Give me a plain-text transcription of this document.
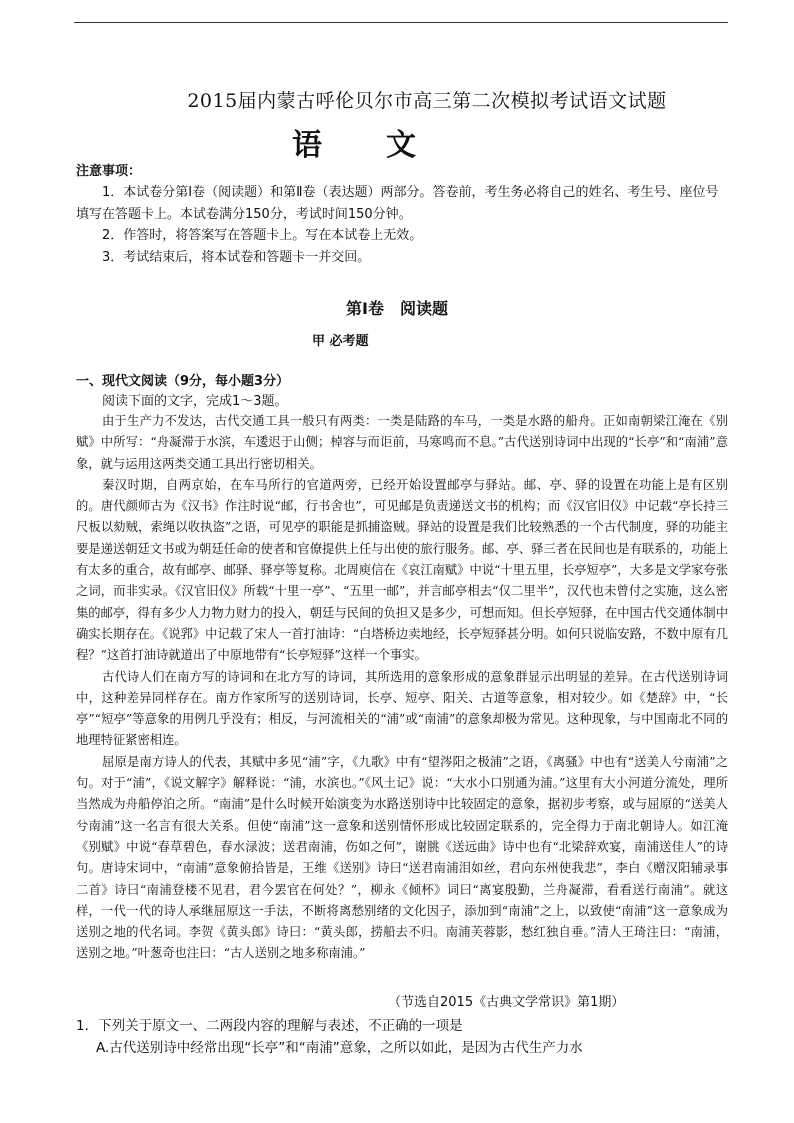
2015届内蒙古呼伦贝尔市高三第二次模拟考试语文试题
语文
注意事项：

1．本试卷分第Ⅰ卷（阅读题）和第Ⅱ卷（表达题）两部分。答卷前，考生务必将自己的姓名、考生号、座位号填写在答题卡上。本试卷满分150分，考试时间150分钟。

2．作答时，将答案写在答题卡上。写在本试卷上无效。

3．考试结束后，将本试卷和答题卡一并交回。

第Ⅰ卷　阅读题
甲 必考题
一、现代文阅读（9分，每小题3分）
阅读下面的文字，完成1～3题。

由于生产力不发达，古代交通工具一般只有两类：一类是陆路的车马，一类是水路的船舟。正如南朝梁江淹在《别赋》中所写：“舟凝滞于水滨，车逶迟于山侧；棹容与而讵前，马寒鸣而不息。”古代送别诗词中出现的“长亭”和“南浦”意象，就与运用这两类交通工具出行密切相关。

秦汉时期，自两京始，在车马所行的官道两旁，已经开始设置邮亭与驿站。邮、亭、驿的设置在功能上是有区别的。唐代颜师古为《汉书》作注时说“邮，行书舍也”，可见邮是负责递送文书的机构；而《汉官旧仪》中记载“亭长持三尺板以劾贼，索绳以收执盗”之语，可见亭的职能是抓捕盗贼。驿站的设置是我们比较熟悉的一个古代制度，驿的功能主要是递送朝廷文书或为朝廷任命的使者和官僚提供上任与出使的旅行服务。邮、亭、驿三者在民间也是有联系的，功能上有太多的重合，故有邮亭、邮驿、驿亭等复称。北周庾信在《哀江南赋》中说“十里五里，长亭短亭”，大多是文学家夸张之词，而非实录。《汉官旧仪》所载“十里一亭”、“五里一邮”，并言邮亭相去“仅二里半”，汉代也未曾付之实施，这么密集的邮亭，得有多少人力物力财力的投入，朝廷与民间的负担又是多少，可想而知。但长亭短驿，在中国古代交通体制中确实长期存在。《说郛》中记载了宋人一首打油诗：“白塔桥边卖地经，长亭短驿甚分明。如何只说临安路，不数中原有几程？”这首打油诗就道出了中原地带有“长亭短驿”这样一个事实。

古代诗人们在南方写的诗词和在北方写的诗词，其所选用的意象形成的意象群显示出明显的差异。在古代送别诗词中，这种差异同样存在。南方作家所写的送别诗词，长亭、短亭、阳关、古道等意象，相对较少。如《楚辞》中，“长亭”“短亭”等意象的用例几乎没有；相反，与河流相关的“浦”或“南浦”的意象却极为常见。这种现象，与中国南北不同的地理特征紧密相连。

屈原是南方诗人的代表，其赋中多见“浦”字，《九歌》中有“望涔阳之极浦”之语，《离骚》中也有“送美人兮南浦”之句。对于“浦”，《说文解字》解释说：“浦，水滨也。”《风土记》说：“大水小口别通为浦。”这里有大小河道分流处，理所当然成为舟船停泊之所。“南浦”是什么时候开始演变为水路送别诗中比较固定的意象，据初步考察，或与屈原的“送美人兮南浦”这一名言有很大关系。但使“南浦”这一意象和送别情怀形成比较固定联系的，完全得力于南北朝诗人。如江淹《别赋》中说“春草碧色，春水渌波；送君南浦，伤如之何”，谢朓《送远曲》诗中也有“北梁辞欢宴，南浦送佳人”的诗句。唐诗宋词中，“南浦”意象俯拾皆是，王维《送别》诗曰“送君南浦泪如丝，君向东州使我悲”，李白《赠汉阳辅录事二首》诗曰“南浦登楼不见君，君今罢官在何处？”，柳永《倾杯》词曰“离宴殷勤，兰舟凝滞，看看送行南浦”。就这样，一代一代的诗人承继屈原这一手法，不断将离愁别绪的文化因子，添加到“南浦”之上，以致使“南浦”这一意象成为送别之地的代名词。李贺《黄头郎》诗曰：“黄头郎，捞船去不归。南浦芙蓉影，愁红独自垂。”清人王琦注曰：“南浦，送别之地。”叶葱奇也注曰：“古人送别之地多称南浦。”

（节选自2015《古典文学常识》第1期）
1．下列关于原文一、二两段内容的理解与表述，不正确的一项是
A.古代送别诗中经常出现“长亭”和“南浦”意象，之所以如此，是因为古代生产力水
